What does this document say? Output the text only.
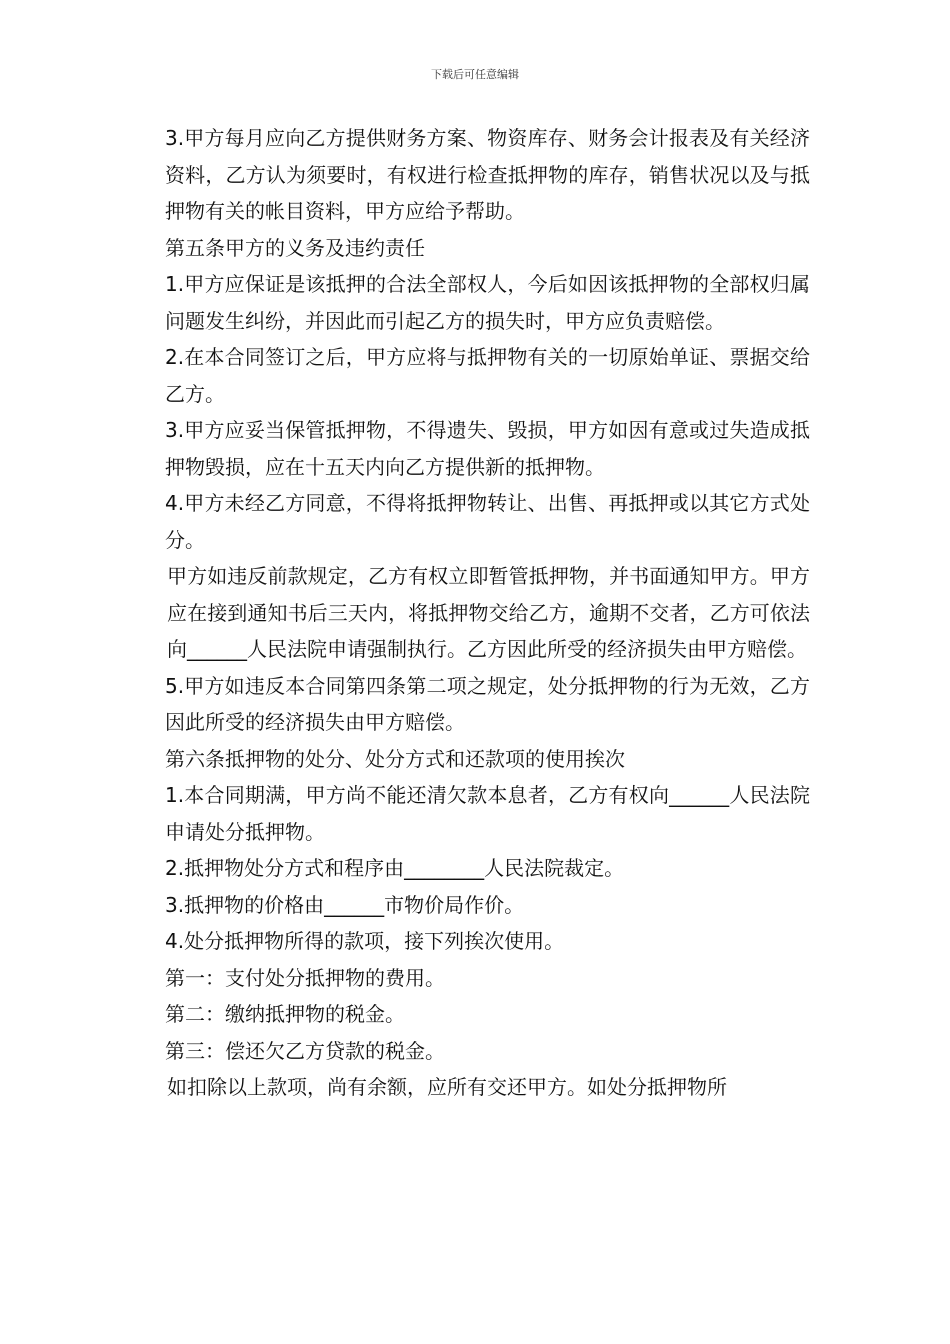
下载后可任意编辑

3.甲方每月应向乙方提供财务方案、物资库存、财务会计报表及有关经济资料，乙方认为须要时，有权进行检查抵押物的库存，销售状况以及与抵押物有关的帐目资料，甲方应给予帮助。

第五条甲方的义务及违约责任

1.甲方应保证是该抵押的合法全部权人，今后如因该抵押物的全部权归属问题发生纠纷，并因此而引起乙方的损失时，甲方应负责赔偿。

2.在本合同签订之后，甲方应将与抵押物有关的一切原始单证、票据交给乙方。

3.甲方应妥当保管抵押物，不得遗失、毁损，甲方如因有意或过失造成抵押物毁损，应在十五天内向乙方提供新的抵押物。

4.甲方未经乙方同意，不得将抵押物转让、出售、再抵押或以其它方式处分。

甲方如违反前款规定，乙方有权立即暂管抵押物，并书面通知甲方。甲方应在接到通知书后三天内，将抵押物交给乙方，逾期不交者，乙方可依法向______人民法院申请强制执行。乙方因此所受的经济损失由甲方赔偿。

5.甲方如违反本合同第四条第二项之规定，处分抵押物的行为无效，乙方因此所受的经济损失由甲方赔偿。

第六条抵押物的处分、处分方式和还款项的使用挨次

1.本合同期满，甲方尚不能还清欠款本息者，乙方有权向______人民法院申请处分抵押物。

2.抵押物处分方式和程序由________人民法院裁定。

3.抵押物的价格由______市物价局作价。

4.处分抵押物所得的款项，接下列挨次使用。

第一：支付处分抵押物的费用。

第二：缴纳抵押物的税金。

第三：偿还欠乙方贷款的税金。

如扣除以上款项，尚有余额，应所有交还甲方。如处分抵押物所
